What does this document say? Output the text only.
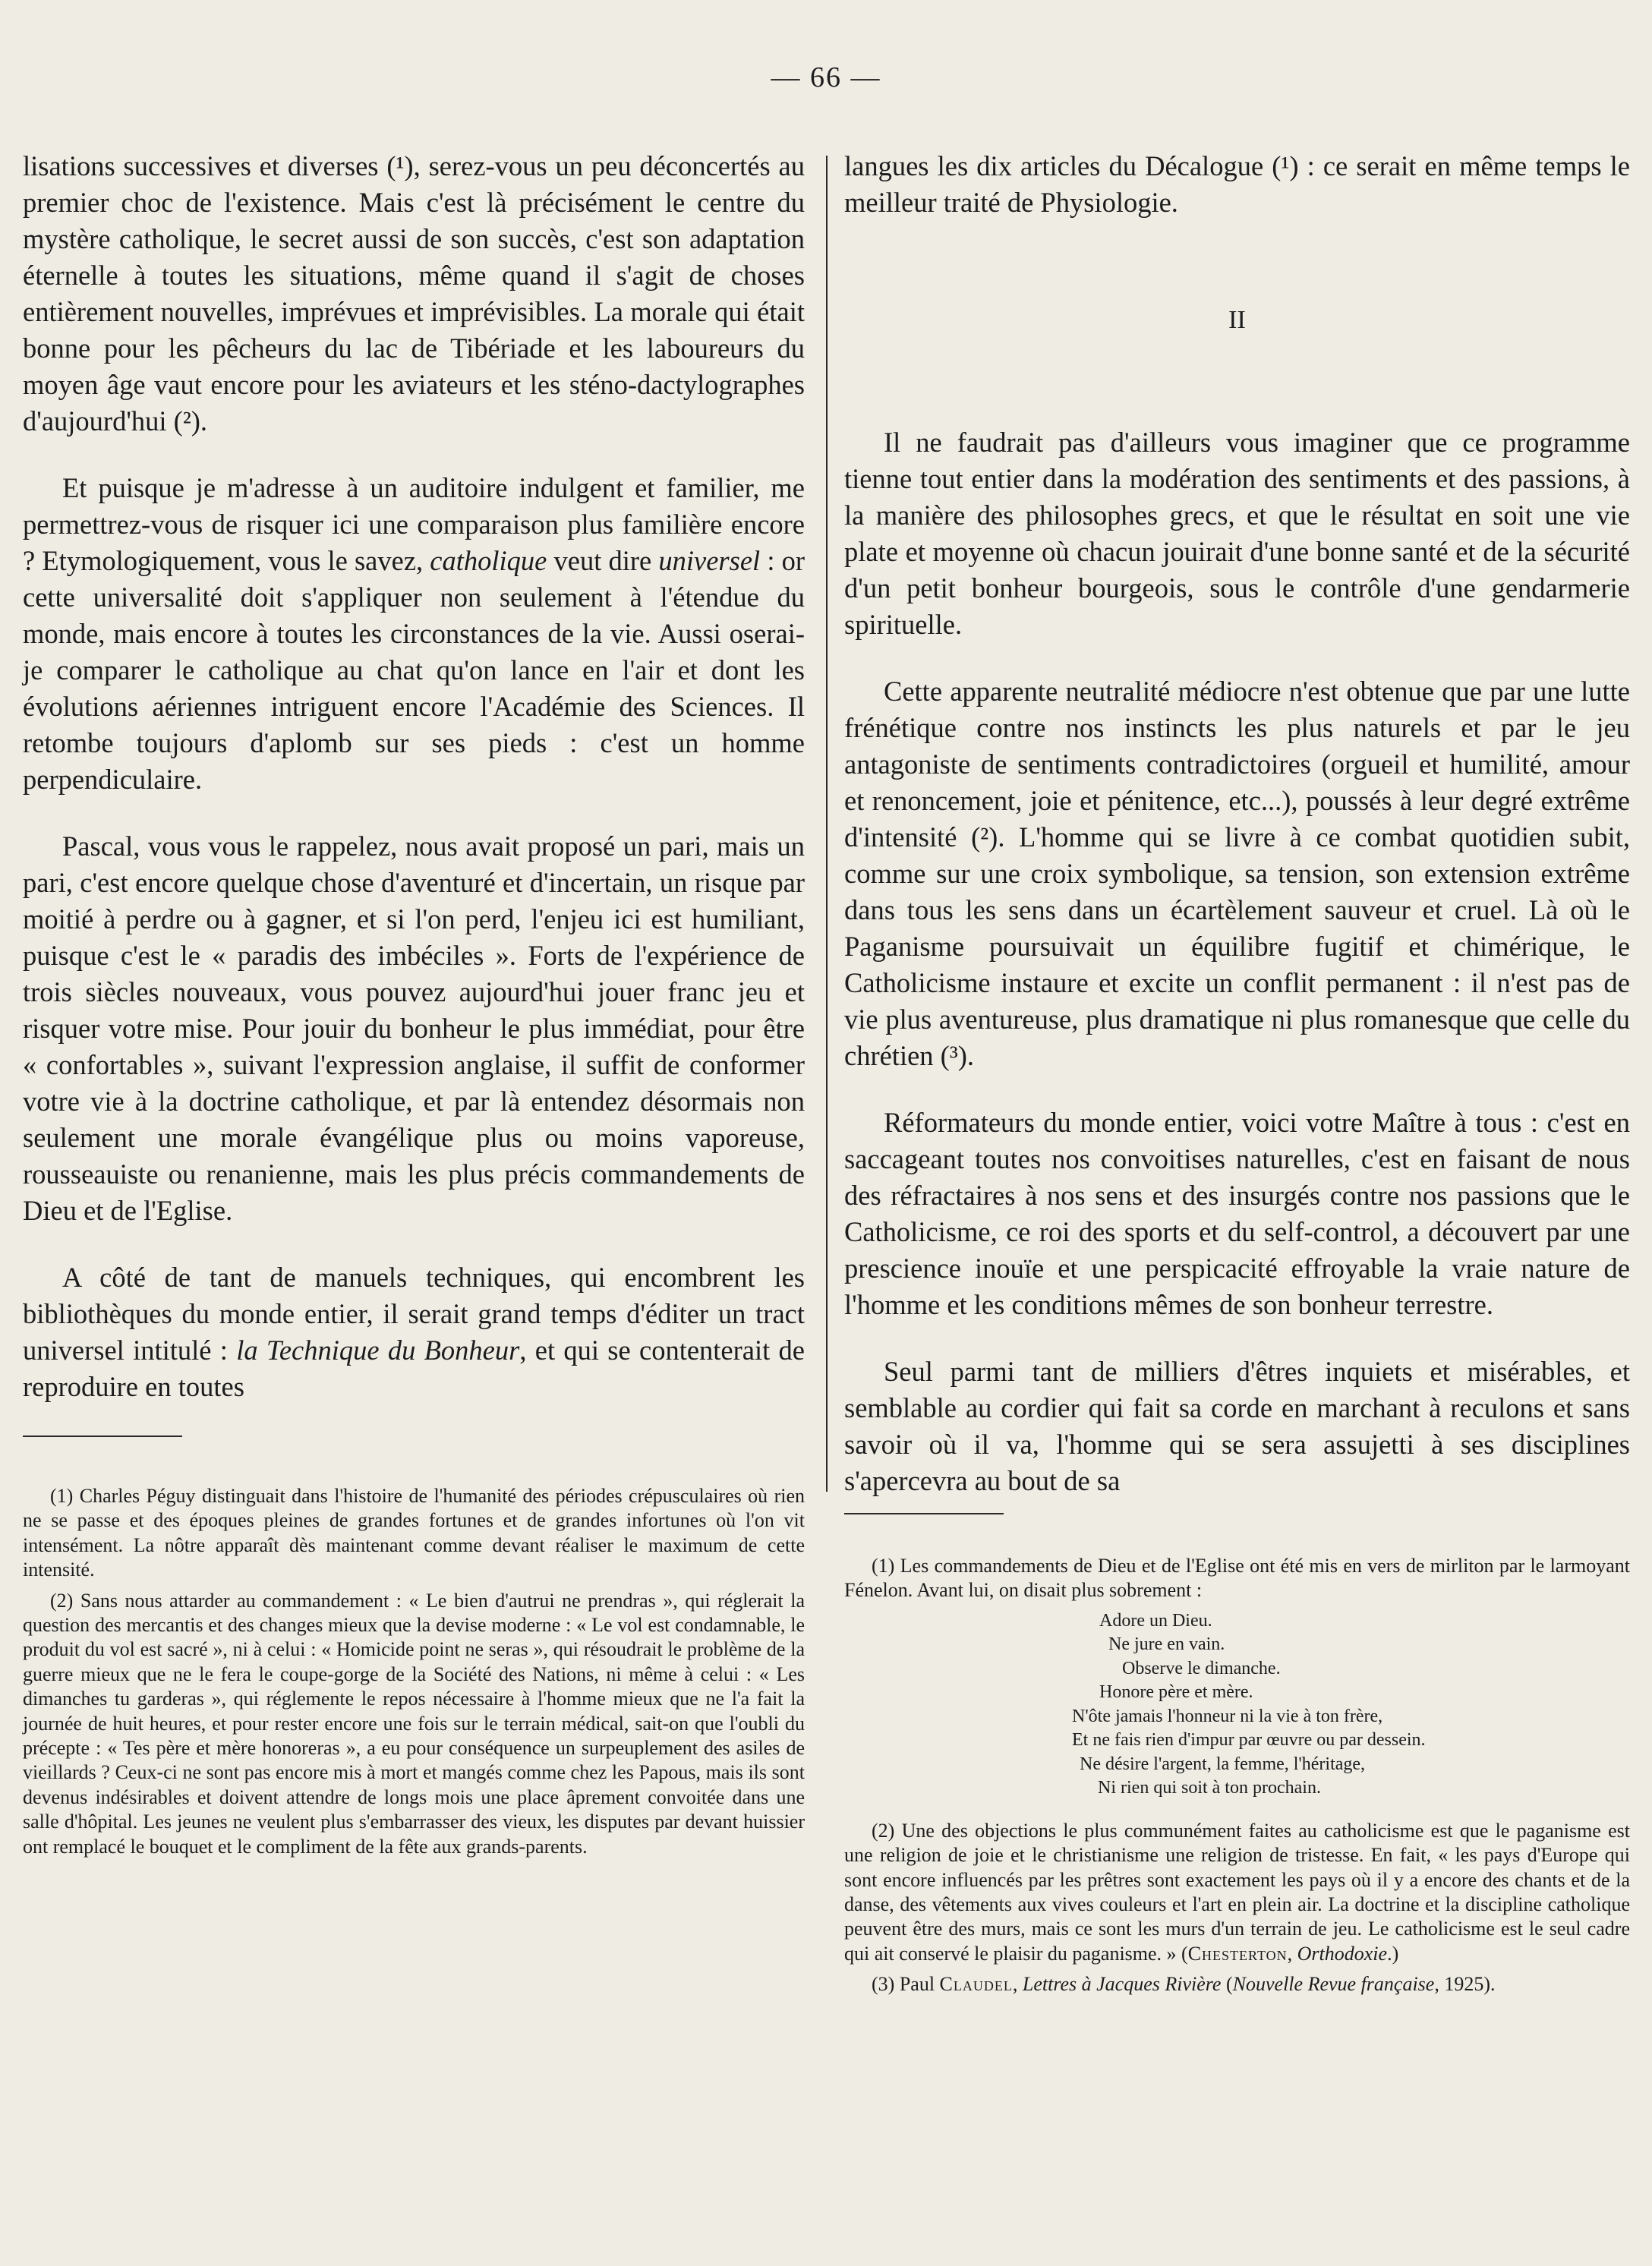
— 66 —

lisations successives et diverses (¹), serez-vous un peu déconcertés au premier choc de l'existence. Mais c'est là précisément le centre du mystère catholique, le secret aussi de son succès, c'est son adaptation éternelle à toutes les situations, même quand il s'agit de choses entièrement nouvelles, imprévues et imprévisibles. La morale qui était bonne pour les pêcheurs du lac de Tibériade et les laboureurs du moyen âge vaut encore pour les aviateurs et les sténo-dactylographes d'aujourd'hui (²).

Et puisque je m'adresse à un auditoire indulgent et familier, me permettrez-vous de risquer ici une comparaison plus familière encore ? Etymologiquement, vous le savez, catholique veut dire universel : or cette universalité doit s'appliquer non seulement à l'étendue du monde, mais encore à toutes les circonstances de la vie. Aussi oserai-je comparer le catholique au chat qu'on lance en l'air et dont les évolutions aériennes intriguent encore l'Académie des Sciences. Il retombe toujours d'aplomb sur ses pieds : c'est un homme perpendiculaire.

Pascal, vous vous le rappelez, nous avait proposé un pari, mais un pari, c'est encore quelque chose d'aventuré et d'incertain, un risque par moitié à perdre ou à gagner, et si l'on perd, l'enjeu ici est humiliant, puisque c'est le « paradis des imbéciles ». Forts de l'expérience de trois siècles nouveaux, vous pouvez aujourd'hui jouer franc jeu et risquer votre mise. Pour jouir du bonheur le plus immédiat, pour être « confortables », suivant l'expression anglaise, il suffit de conformer votre vie à la doctrine catholique, et par là entendez désormais non seulement une morale évangélique plus ou moins vaporeuse, rousseauiste ou renanienne, mais les plus précis commandements de Dieu et de l'Eglise.

A côté de tant de manuels techniques, qui encombrent les bibliothèques du monde entier, il serait grand temps d'éditer un tract universel intitulé : la Technique du Bonheur, et qui se contenterait de reproduire en toutes

(1) Charles Péguy distinguait dans l'histoire de l'humanité des périodes crépusculaires où rien ne se passe et des époques pleines de grandes fortunes et de grandes infortunes où l'on vit intensément. La nôtre apparaît dès maintenant comme devant réaliser le maximum de cette intensité.

(2) Sans nous attarder au commandement : « Le bien d'autrui ne prendras », qui réglerait la question des mercantis et des changes mieux que la devise moderne : « Le vol est condamnable, le produit du vol est sacré », ni à celui : « Homicide point ne seras », qui résoudrait le problème de la guerre mieux que ne le fera le coupe-gorge de la Société des Nations, ni même à celui : « Les dimanches tu garderas », qui réglemente le repos nécessaire à l'homme mieux que ne l'a fait la journée de huit heures, et pour rester encore une fois sur le terrain médical, sait-on que l'oubli du précepte : « Tes père et mère honoreras », a eu pour conséquence un surpeuplement des asiles de vieillards ? Ceux-ci ne sont pas encore mis à mort et mangés comme chez les Papous, mais ils sont devenus indésirables et doivent attendre de longs mois une place âprement convoitée dans une salle d'hôpital. Les jeunes ne veulent plus s'embarrasser des vieux, les disputes par devant huissier ont remplacé le bouquet et le compliment de la fête aux grands-parents.

langues les dix articles du Décalogue (¹) : ce serait en même temps le meilleur traité de Physiologie.

II

Il ne faudrait pas d'ailleurs vous imaginer que ce programme tienne tout entier dans la modération des sentiments et des passions, à la manière des philosophes grecs, et que le résultat en soit une vie plate et moyenne où chacun jouirait d'une bonne santé et de la sécurité d'un petit bonheur bourgeois, sous le contrôle d'une gendarmerie spirituelle.

Cette apparente neutralité médiocre n'est obtenue que par une lutte frénétique contre nos instincts les plus naturels et par le jeu antagoniste de sentiments contradictoires (orgueil et humilité, amour et renoncement, joie et pénitence, etc...), poussés à leur degré extrême d'intensité (²). L'homme qui se livre à ce combat quotidien subit, comme sur une croix symbolique, sa tension, son extension extrême dans tous les sens dans un écartèlement sauveur et cruel. Là où le Paganisme poursuivait un équilibre fugitif et chimérique, le Catholicisme instaure et excite un conflit permanent : il n'est pas de vie plus aventureuse, plus dramatique ni plus romanesque que celle du chrétien (³).

Réformateurs du monde entier, voici votre Maître à tous : c'est en saccageant toutes nos convoitises naturelles, c'est en faisant de nous des réfractaires à nos sens et des insurgés contre nos passions que le Catholicisme, ce roi des sports et du self-control, a découvert par une prescience inouïe et une perspicacité effroyable la vraie nature de l'homme et les conditions mêmes de son bonheur terrestre.

Seul parmi tant de milliers d'êtres inquiets et misérables, et semblable au cordier qui fait sa corde en marchant à reculons et sans savoir où il va, l'homme qui se sera assujetti à ses disciplines s'apercevra au bout de sa

(1) Les commandements de Dieu et de l'Eglise ont été mis en vers de mirliton par le larmoyant Fénelon. Avant lui, on disait plus sobrement :

Adore un Dieu.
Ne jure en vain.
Observe le dimanche.
Honore père et mère.
N'ôte jamais l'honneur ni la vie à ton frère,
Et ne fais rien d'impur par œuvre ou par dessein.
Ne désire l'argent, la femme, l'héritage,
Ni rien qui soit à ton prochain.

(2) Une des objections le plus communément faites au catholicisme est que le paganisme est une religion de joie et le christianisme une religion de tristesse. En fait, « les pays d'Europe qui sont encore influencés par les prêtres sont exactement les pays où il y a encore des chants et de la danse, des vêtements aux vives couleurs et l'art en plein air. La doctrine et la discipline catholique peuvent être des murs, mais ce sont les murs d'un terrain de jeu. Le catholicisme est le seul cadre qui ait conservé le plaisir du paganisme. » (Chesterton, Orthodoxie.)

(3) Paul Claudel, Lettres à Jacques Rivière (Nouvelle Revue française, 1925).
